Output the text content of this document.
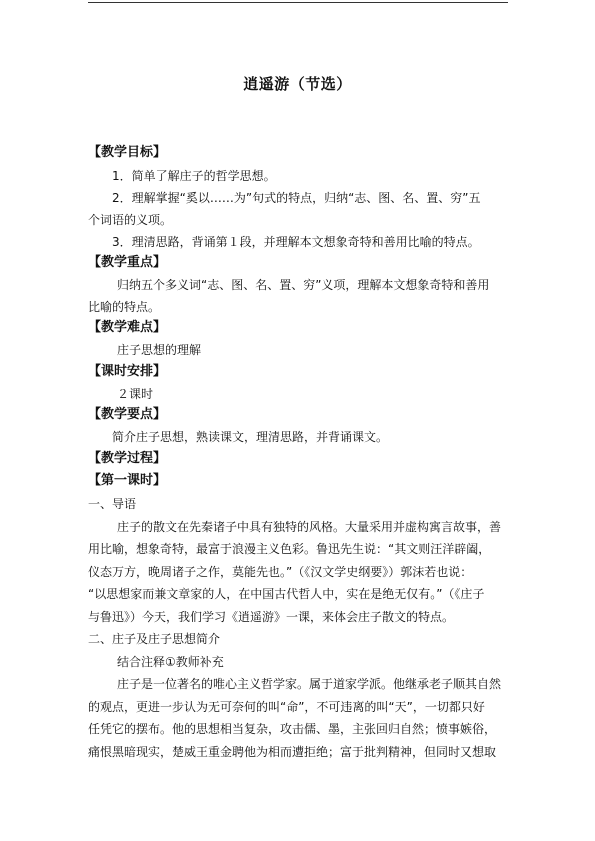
逍遥游（节选）
【教学目标】
1．简单了解庄子的哲学思想。
2．理解掌握“奚以……为”句式的特点，归纳“志、图、名、置、穷”五
个词语的义项。
3．理清思路，背诵第１段，并理解本文想象奇特和善用比喻的特点。
【教学重点】
归纳五个多义词“志、图、名、置、穷”义项，理解本文想象奇特和善用
比喻的特点。
【教学难点】
庄子思想的理解
【课时安排】
２课时
【教学要点】
简介庄子思想，熟读课文，理清思路，并背诵课文。
【教学过程】
【第一课时】
一、导语
庄子的散文在先秦诸子中具有独特的风格。大量采用并虚构寓言故事，善
用比喻，想象奇特，最富于浪漫主义色彩。鲁迅先生说：“其文则汪洋辟阖，
仪态万方，晚周诸子之作，莫能先也。”（《汉文学史纲要》）郭沫若也说：
“以思想家而兼文章家的人，在中国古代哲人中，实在是绝无仅有。”（《庄子
与鲁迅》）今天，我们学习《逍遥游》一课，来体会庄子散文的特点。
二、庄子及庄子思想简介
结合注释①教师补充
庄子是一位著名的唯心主义哲学家。属于道家学派。他继承老子顺其自然
的观点，更进一步认为无可奈何的叫“命”，不可违离的叫“天”，一切都只好
任凭它的摆布。他的思想相当复杂，攻击儒、墨，主张回归自然；愤事嫉俗，
痛恨黑暗现实，楚威王重金聘他为相而遭拒绝；富于批判精神，但同时又想取
